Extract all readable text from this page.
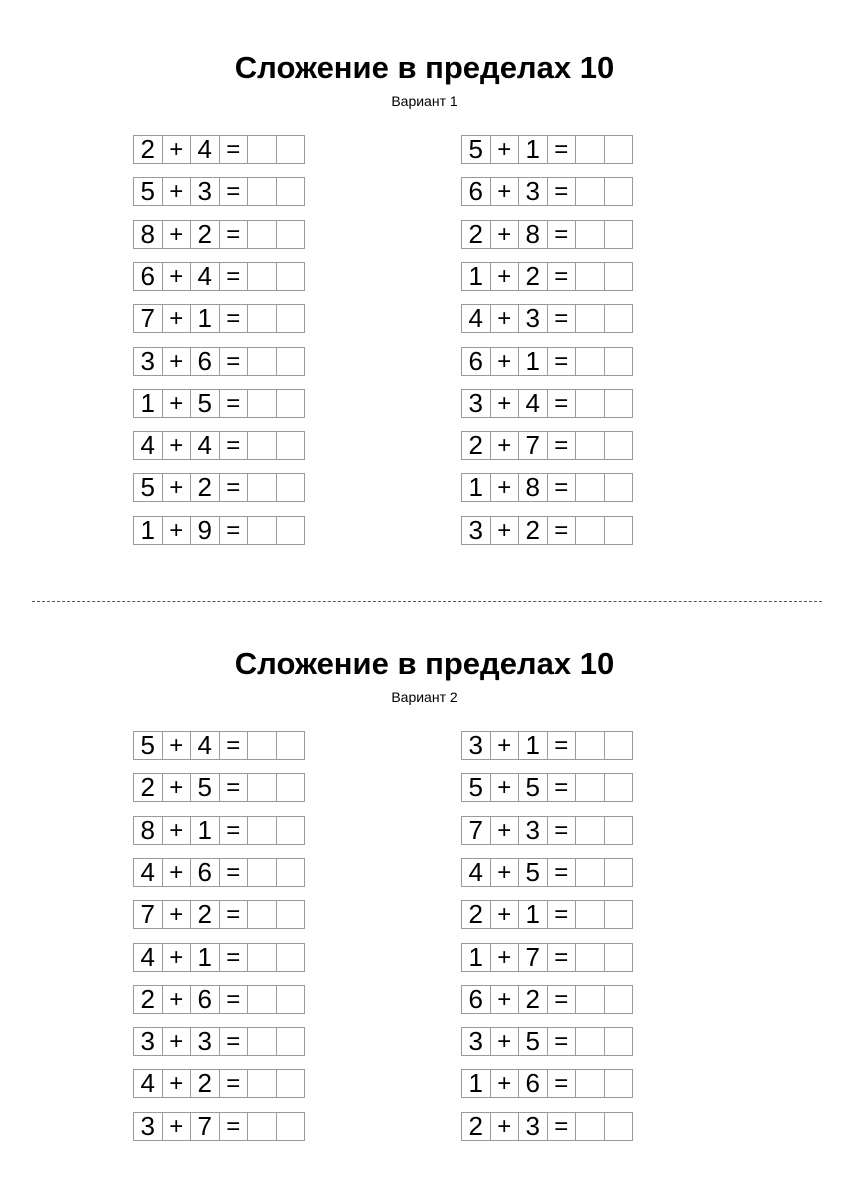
Сложение в пределах 10
Вариант 1
2 + 4 =
5 + 3 =
8 + 2 =
6 + 4 =
7 + 1 =
3 + 6 =
1 + 5 =
4 + 4 =
5 + 2 =
1 + 9 =
5 + 1 =
6 + 3 =
2 + 8 =
1 + 2 =
4 + 3 =
6 + 1 =
3 + 4 =
2 + 7 =
1 + 8 =
3 + 2 =
Сложение в пределах 10
Вариант 2
5 + 4 =
2 + 5 =
8 + 1 =
4 + 6 =
7 + 2 =
4 + 1 =
2 + 6 =
3 + 3 =
4 + 2 =
3 + 7 =
3 + 1 =
5 + 5 =
7 + 3 =
4 + 5 =
2 + 1 =
1 + 7 =
6 + 2 =
3 + 5 =
1 + 6 =
2 + 3 =
